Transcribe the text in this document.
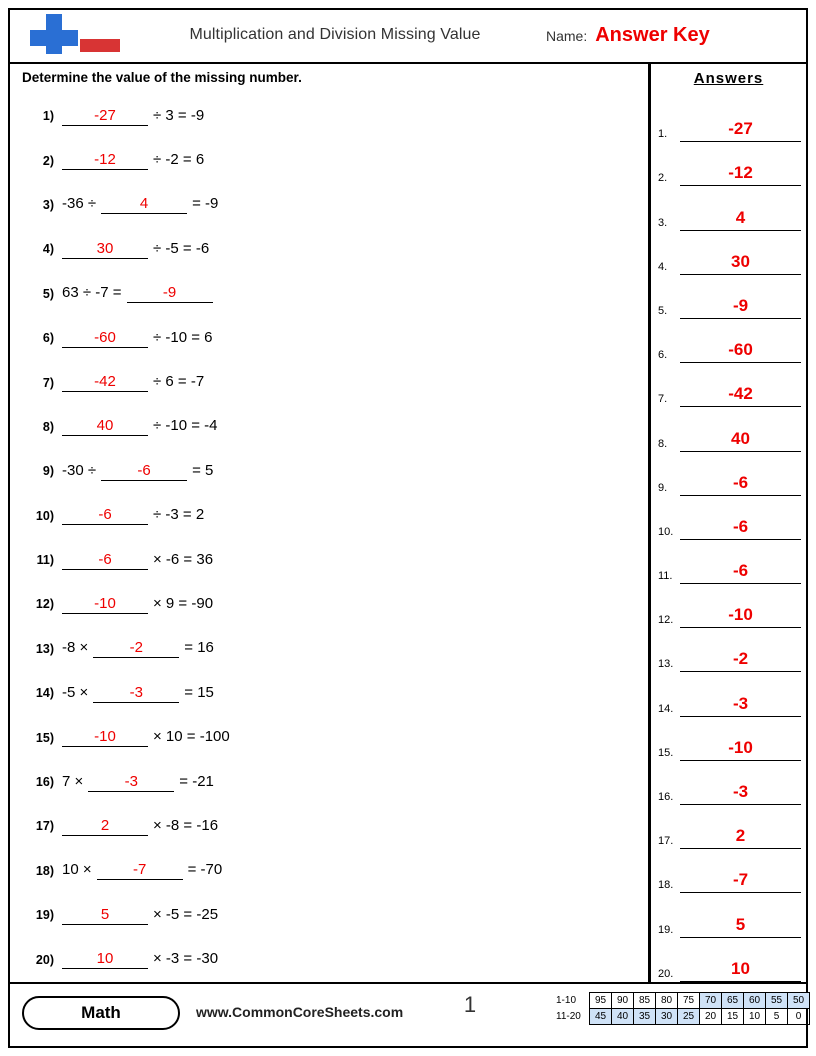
Multiplication and Division Missing Value	Name: Answer Key
Determine the value of the missing number.
1)	-27	÷ 3 = -9
2)	-12	÷ -2 = 6
3) -36 ÷	4	= -9
4)	30	÷ -5 = -6
5) 63 ÷ -7 =	-9
6)	-60	÷ -10 = 6
7)	-42	÷ 6 = -7
8)	40	÷ -10 = -4
9) -30 ÷	-6	= 5
10)	-6	÷ -3 = 2
11)	-6	× -6 = 36
12)	-10	× 9 = -90
13) -8 ×	-2	= 16
14) -5 ×	-3	= 15
15)	-10	× 10 = -100
16) 7 ×	-3	= -21
17)	2	× -8 = -16
18) 10 ×	-7	= -70
19)	5	× -5 = -25
20)	10	× -3 = -30
Answers
1.	-27
2.	-12
3.	4
4.	30
5.	-9
6.	-60
7.	-42
8.	40
9.	-6
10.	-6
11.	-6
12.	-10
13.	-2
14.	-3
15.	-10
16.	-3
17.	2
18.	-7
19.	5
20.	10
Math	www.CommonCoreSheets.com	1	1-10	95	90	85	80	75	70	65	60	55	50
11-20	45	40	35	30	25	20	15	10	5	0
